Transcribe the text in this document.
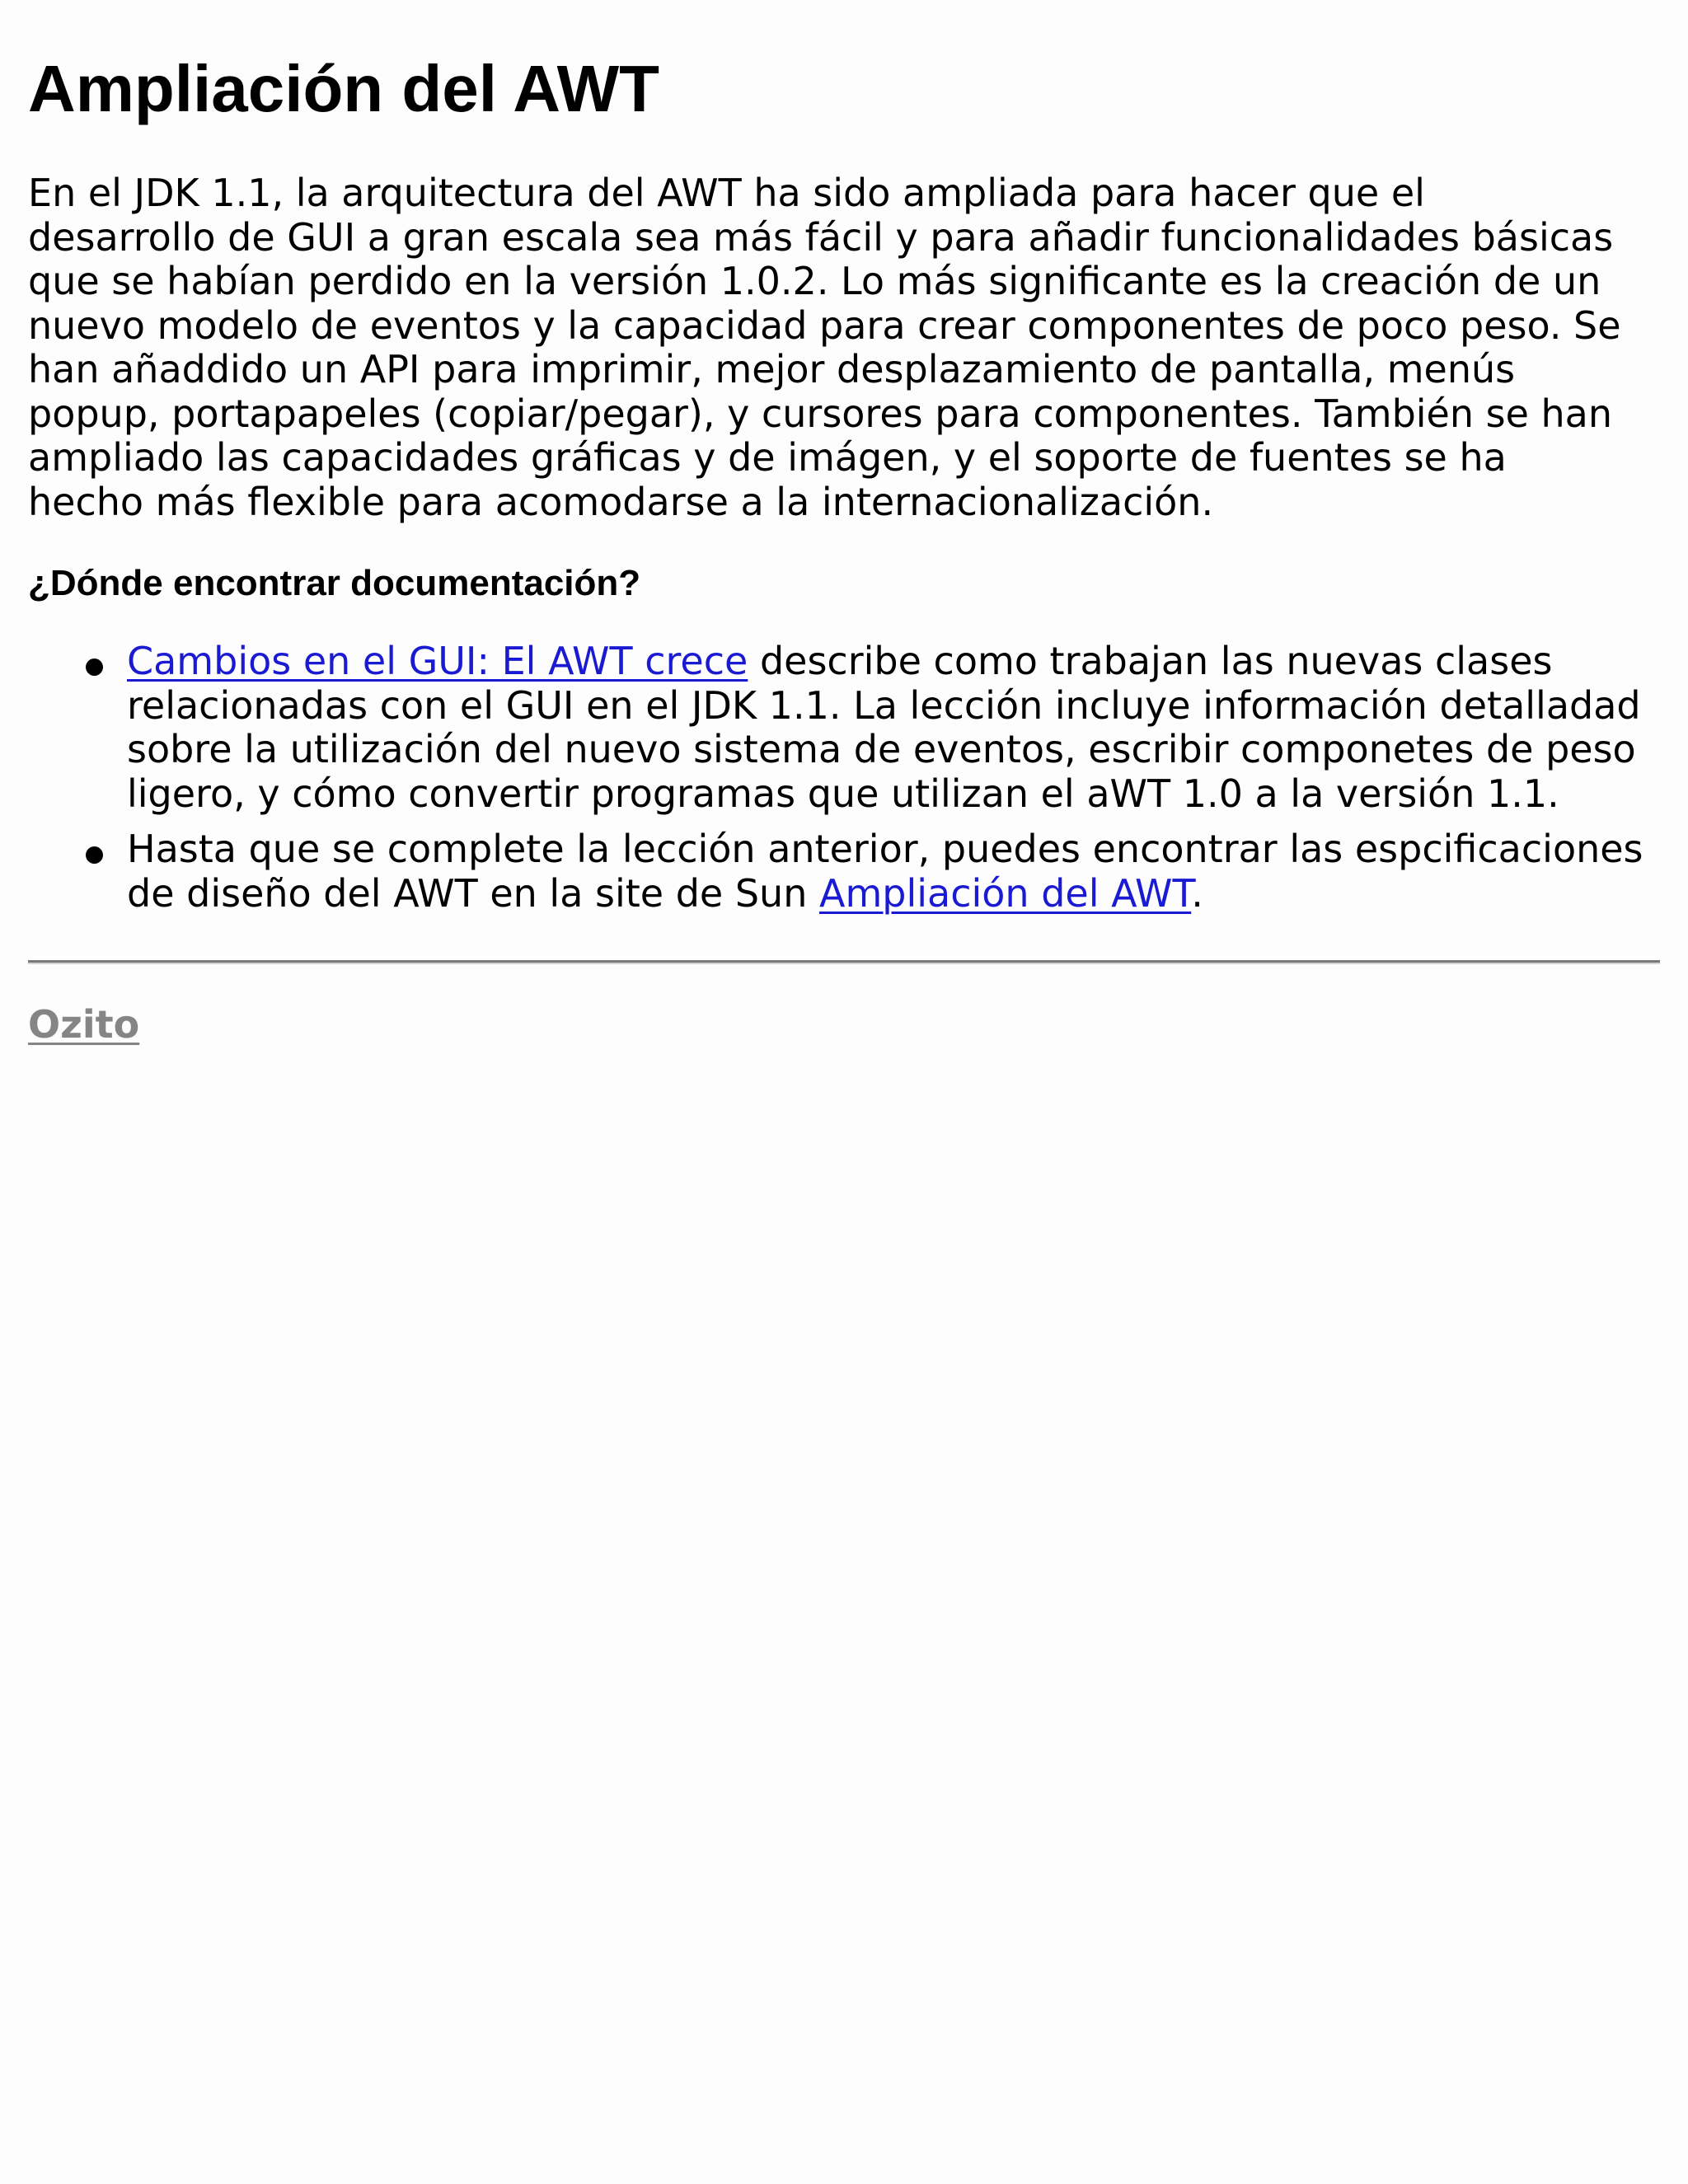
Ampliación del AWT

En el JDK 1.1, la arquitectura del AWT ha sido ampliada para hacer que el
desarrollo de GUI a gran escala sea más fácil y para añadir funcionalidades básicas
que se habían perdido en la versión 1.0.2. Lo más significante es la creación de un
nuevo modelo de eventos y la capacidad para crear componentes de poco peso. Se
han añaddido un API para imprimir, mejor desplazamiento de pantalla, menús
popup, portapapeles (copiar/pegar), y cursores para componentes. También se han
ampliado las capacidades gráficas y de imágen, y el soporte de fuentes se ha
hecho más flexible para acomodarse a la internacionalización.

¿Dónde encontrar documentación?
Cambios en el GUI: El AWT crece describe como trabajan las nuevas clases relacionadas con el GUI en el JDK 1.1. La lección incluye información detalladad sobre la utilización del nuevo sistema de eventos, escribir componetes de peso ligero, y cómo convertir programas que utilizan el aWT 1.0 a la versión 1.1.
Hasta que se complete la lección anterior, puedes encontrar las espcificaciones de diseño del AWT en la site de Sun Ampliación del AWT.
Ozito
